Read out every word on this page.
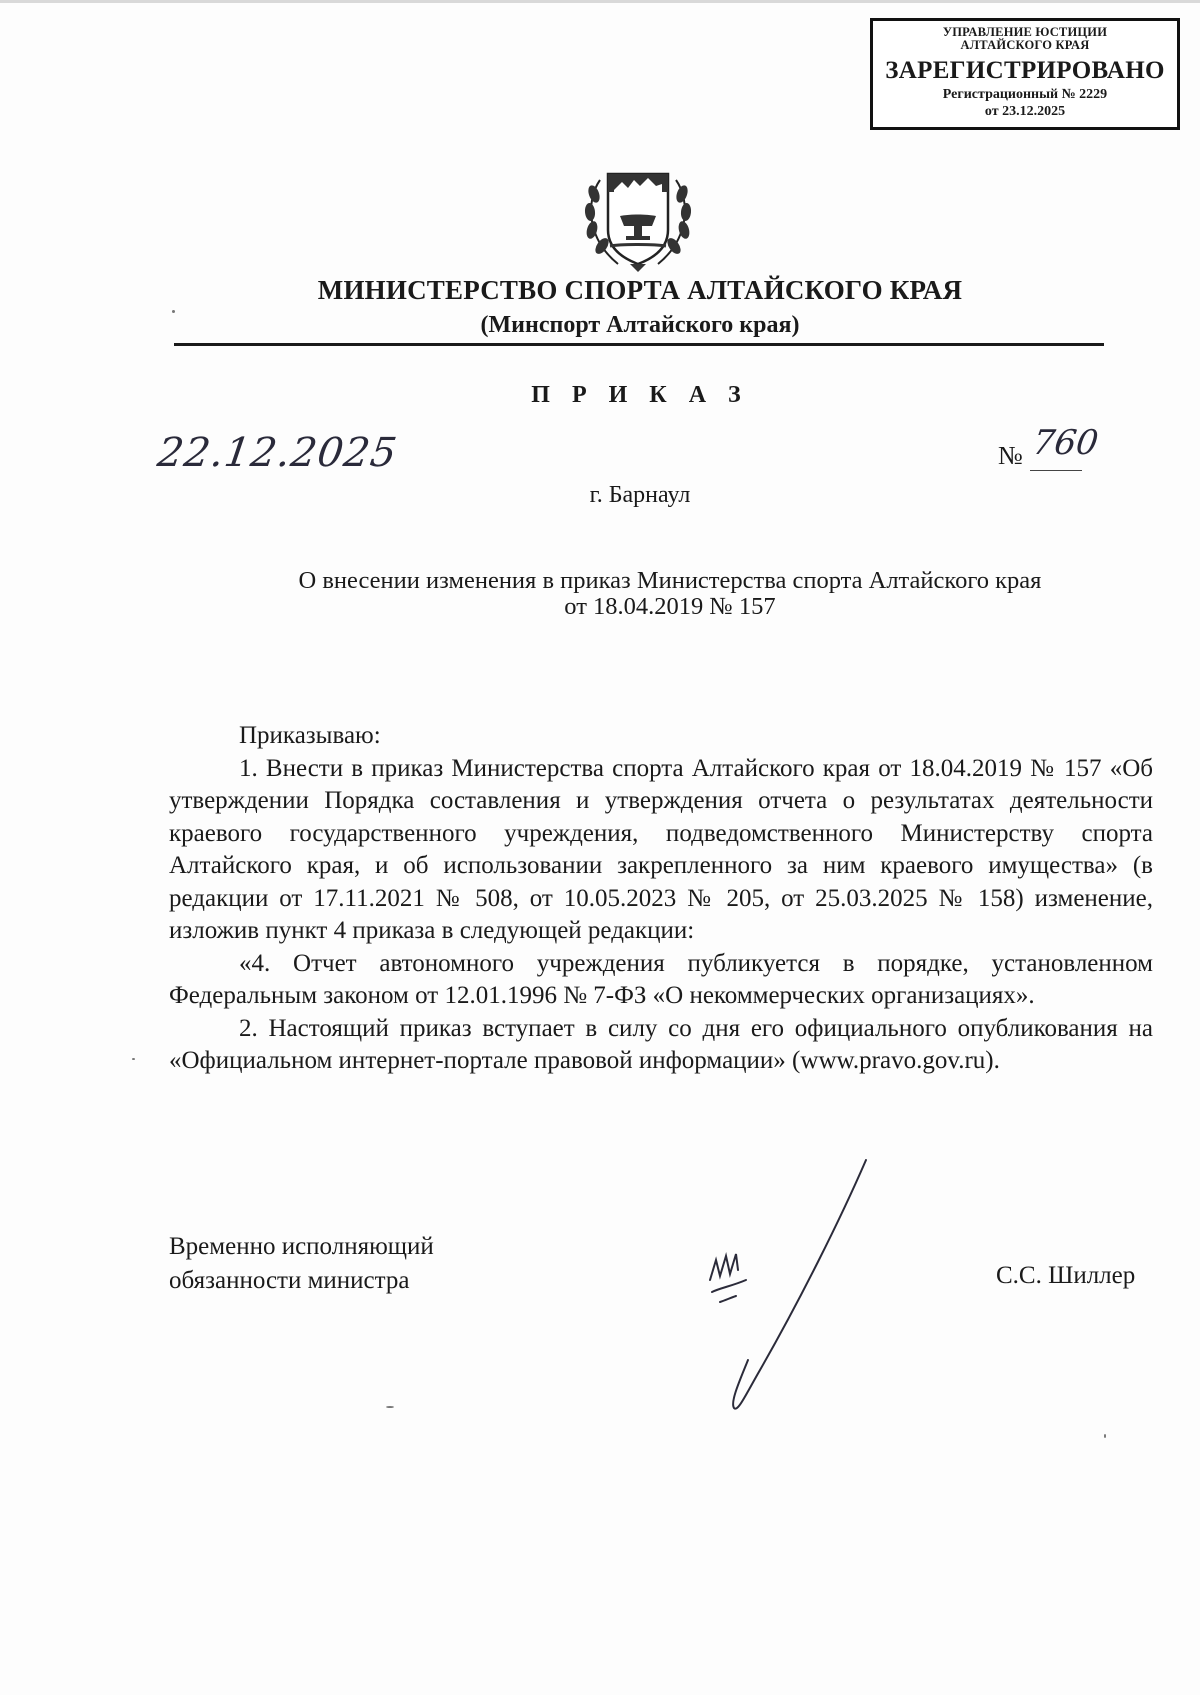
УПРАВЛЕНИЕ ЮСТИЦИИ
АЛТАЙСКОГО КРАЯ
ЗАРЕГИСТРИРОВАНО
Регистрационный № 2229
от 23.12.2025
МИНИСТЕРСТВО СПОРТА АЛТАЙСКОГО КРАЯ
(Минспорт Алтайского края)
П Р И К А З
22.12.2025	№ 760
г. Барнаул
О внесении изменения в приказ Министерства спорта Алтайского края
от 18.04.2019 № 157

Приказываю:

1. Внести в приказ Министерства спорта Алтайского края от 18.04.2019 № 157 «Об утверждении Порядка составления и утверждения отчета о результатах деятельности краевого государственного учреждения, подведомственного Министерству спорта Алтайского края, и об использовании закрепленного за ним краевого имущества» (в редакции от 17.11.2021 № 508, от 10.05.2023 № 205, от 25.03.2025 № 158) изменение, изложив пункт 4 приказа в следующей редакции:

«4. Отчет автономного учреждения публикуется в порядке, установленном Федеральным законом от 12.01.1996 № 7-ФЗ «О некоммерческих организациях».

2. Настоящий приказ вступает в силу со дня его официального опубликования на «Официальном интернет-портале правовой информации» (www.pravo.gov.ru).

Временно исполняющий
обязанности министра	С.С. Шиллер
